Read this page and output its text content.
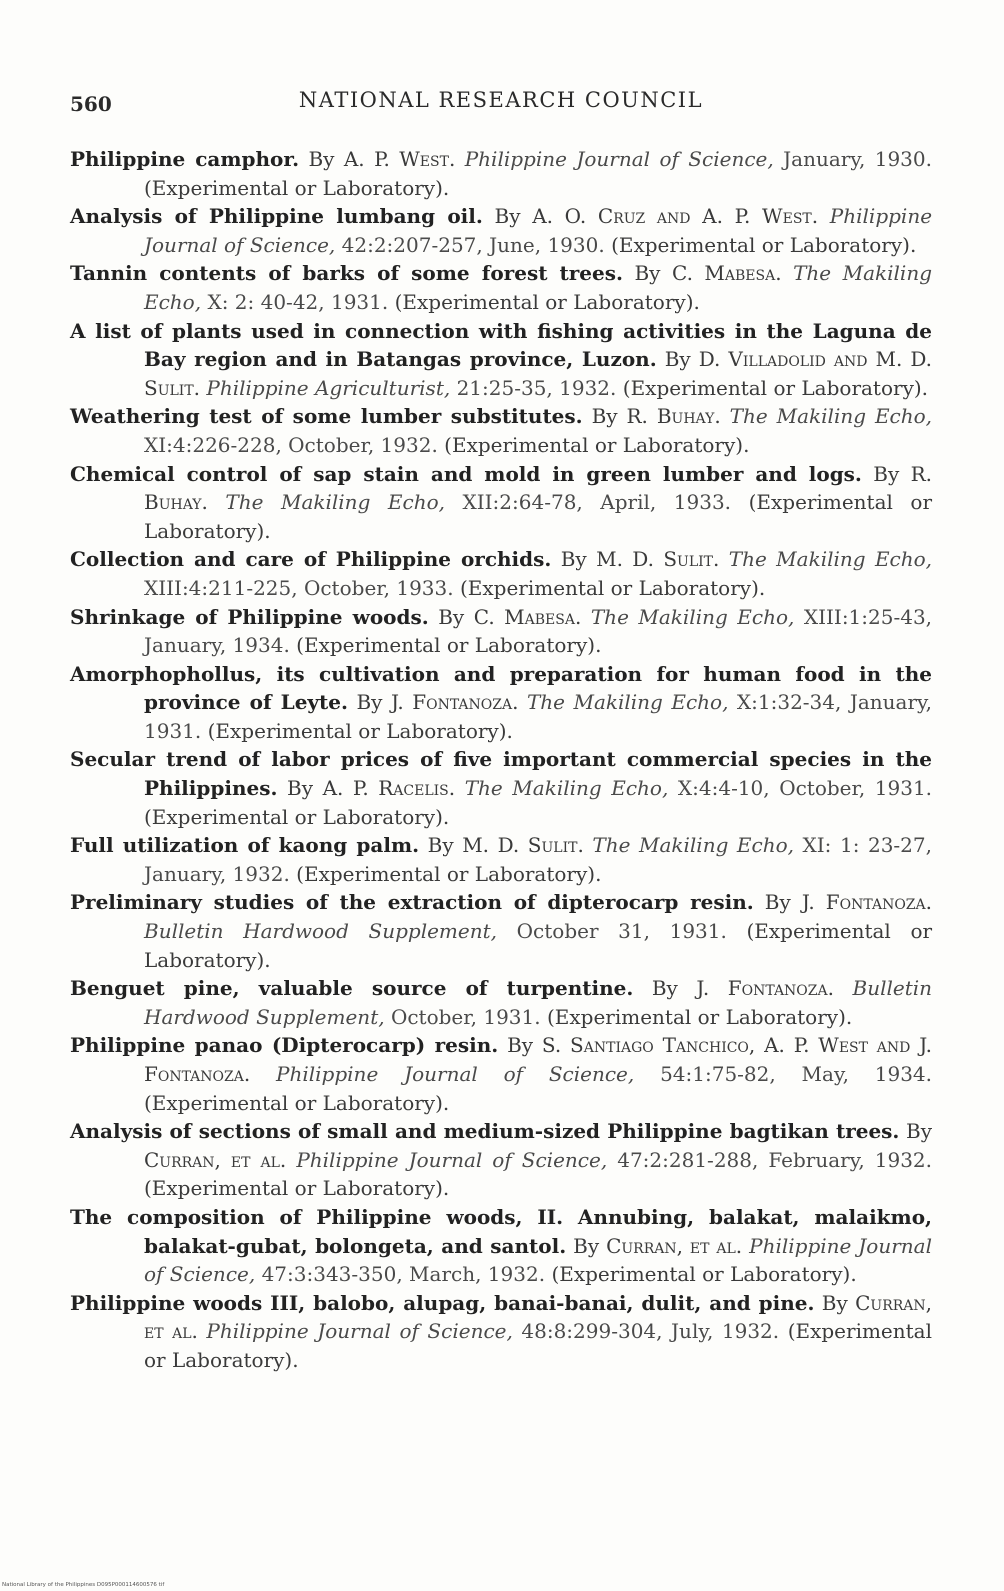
560	NATIONAL RESEARCH COUNCIL
Philippine camphor. By A. P. West. Philippine Journal of Science, January, 1930. (Experimental or Laboratory).
Analysis of Philippine lumbang oil. By A. O. Cruz and A. P. West. Philippine Journal of Science, 42:2:207-257, June, 1930. (Experimental or Laboratory).
Tannin contents of barks of some forest trees. By C. Mabesa. The Makiling Echo, X: 2: 40-42, 1931. (Experimental or Laboratory).
A list of plants used in connection with fishing activities in the Laguna de Bay region and in Batangas province, Luzon. By D. Villadolid and M. D. Sulit. Philippine Agriculturist, 21:25-35, 1932. (Experimental or Laboratory).
Weathering test of some lumber substitutes. By R. Buhay. The Makiling Echo, XI:4:226-228, October, 1932. (Experimental or Laboratory).
Chemical control of sap stain and mold in green lumber and logs. By R. Buhay. The Makiling Echo, XII:2:64-78, April, 1933. (Experimental or Laboratory).
Collection and care of Philippine orchids. By M. D. Sulit. The Makiling Echo, XIII:4:211-225, October, 1933. (Experimental or Laboratory).
Shrinkage of Philippine woods. By C. Mabesa. The Makiling Echo, XIII:1:25-43, January, 1934. (Experimental or Laboratory).
Amorphophollus, its cultivation and preparation for human food in the province of Leyte. By J. Fontanoza. The Makiling Echo, X:1:32-34, January, 1931. (Experimental or Laboratory).
Secular trend of labor prices of five important commercial species in the Philippines. By A. P. Racelis. The Makiling Echo, X:4:4-10, October, 1931. (Experimental or Laboratory).
Full utilization of kaong palm. By M. D. Sulit. The Makiling Echo, XI: 1: 23-27, January, 1932. (Experimental or Laboratory).
Preliminary studies of the extraction of dipterocarp resin. By J. Fontanoza. Bulletin Hardwood Supplement, October 31, 1931. (Experimental or Laboratory).
Benguet pine, valuable source of turpentine. By J. Fontanoza. Bulletin Hardwood Supplement, October, 1931. (Experimental or Laboratory).
Philippine panao (Dipterocarp) resin. By S. Santiago Tanchico, A. P. West and J. Fontanoza. Philippine Journal of Science, 54:1:75-82, May, 1934. (Experimental or Laboratory).
Analysis of sections of small and medium-sized Philippine bagtikan trees. By Curran, et al. Philippine Journal of Science, 47:2:281-288, February, 1932. (Experimental or Laboratory).
The composition of Philippine woods, II. Annubing, balakat, malaikmo, balakat-gubat, bolongeta, and santol. By Curran, et al. Philippine Journal of Science, 47:3:343-350, March, 1932. (Experimental or Laboratory).
Philippine woods III, balobo, alupag, banai-banai, dulit, and pine. By Curran, et al. Philippine Journal of Science, 48:8:299-304, July, 1932. (Experimental or Laboratory).
National Library of the Philippines D095P000114600576 tif
